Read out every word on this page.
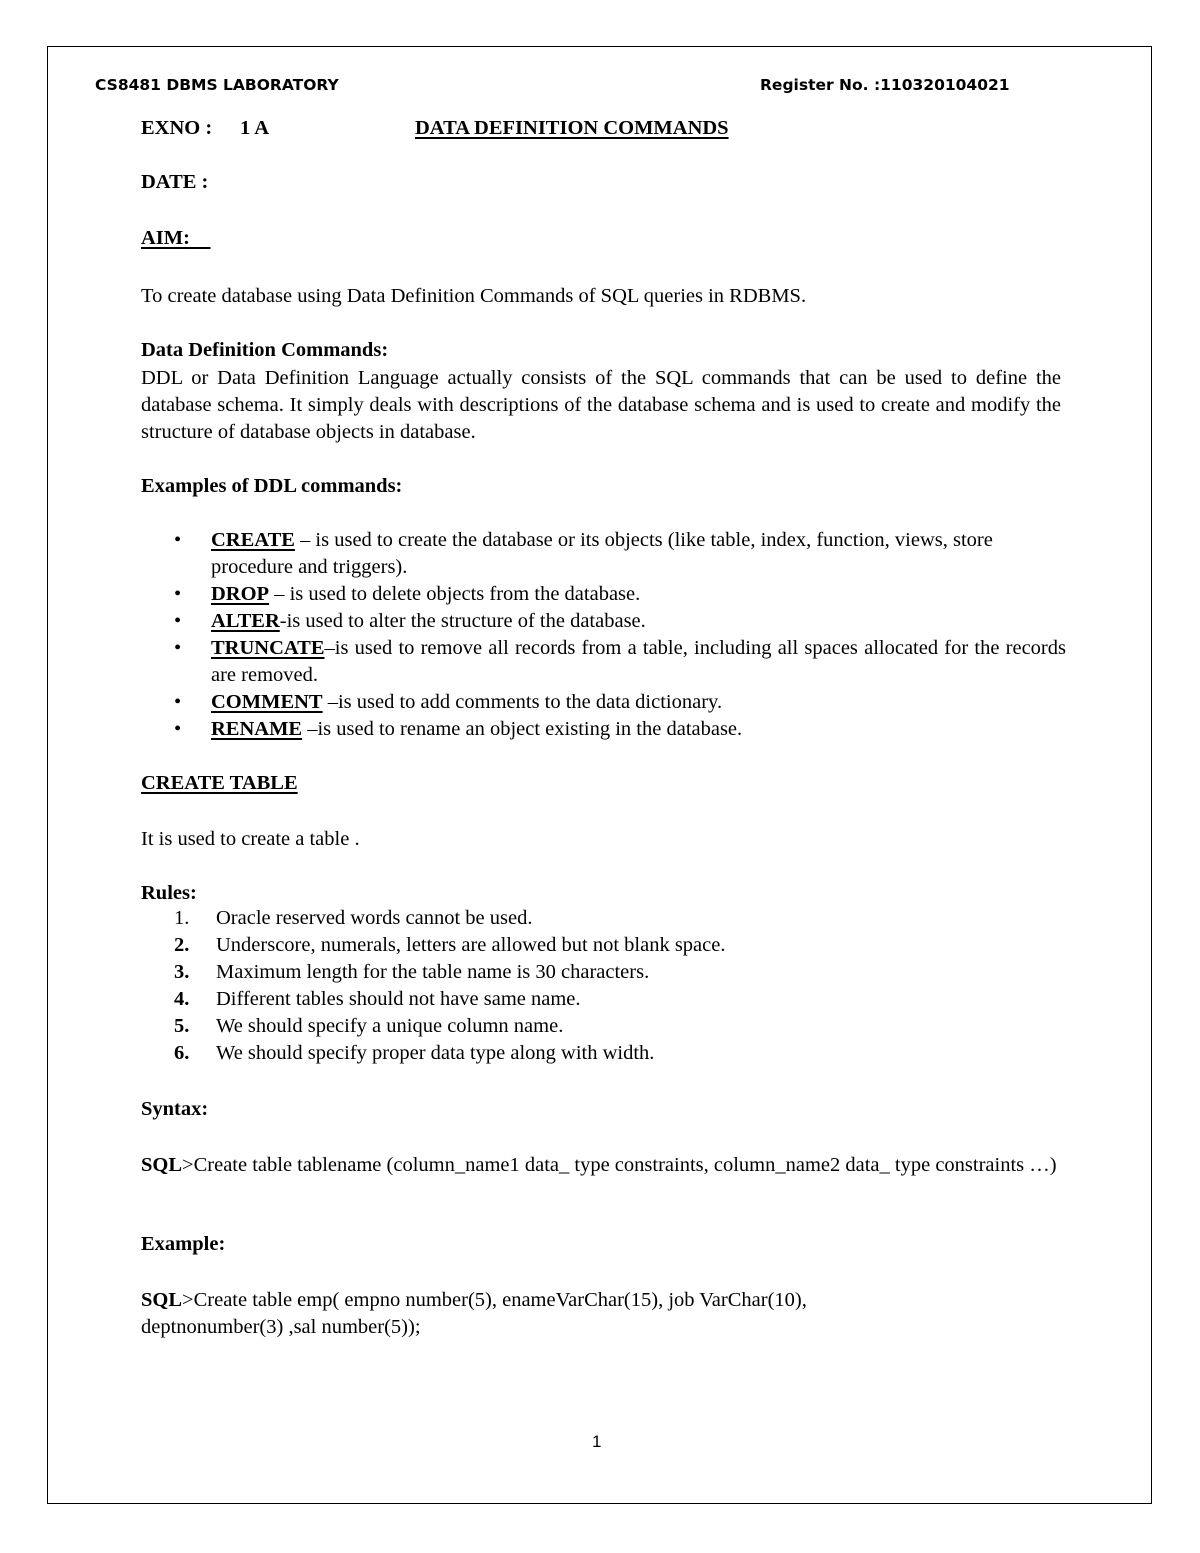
CS8481 DBMS LABORATORY	Register No. :110320104021
EXNO : 1 A	DATA DEFINITION COMMANDS
DATE :
AIM:
To create database using Data Definition Commands of SQL queries in RDBMS.
Data Definition Commands:
DDL or Data Definition Language actually consists of the SQL commands that can be used to define the database schema. It simply deals with descriptions of the database schema and is used to create and modify the structure of database objects in database.
Examples of DDL commands:
• CREATE – is used to create the database or its objects (like table, index, function, views, store procedure and triggers).
• DROP – is used to delete objects from the database.
• ALTER-is used to alter the structure of the database.
• TRUNCATE–is used to remove all records from a table, including all spaces allocated for the records are removed.
• COMMENT –is used to add comments to the data dictionary.
• RENAME –is used to rename an object existing in the database.
CREATE TABLE
It is used to create a table .
Rules:
1. Oracle reserved words cannot be used.
2. Underscore, numerals, letters are allowed but not blank space.
3. Maximum length for the table name is 30 characters.
4. Different tables should not have same name.
5. We should specify a unique column name.
6. We should specify proper data type along with width.
Syntax:
SQL>Create table tablename (column_name1 data_ type constraints, column_name2 data_ type constraints …)
Example:
SQL>Create table emp( empno number(5), enameVarChar(15), job VarChar(10), deptnonumber(3) ,sal number(5));
1
